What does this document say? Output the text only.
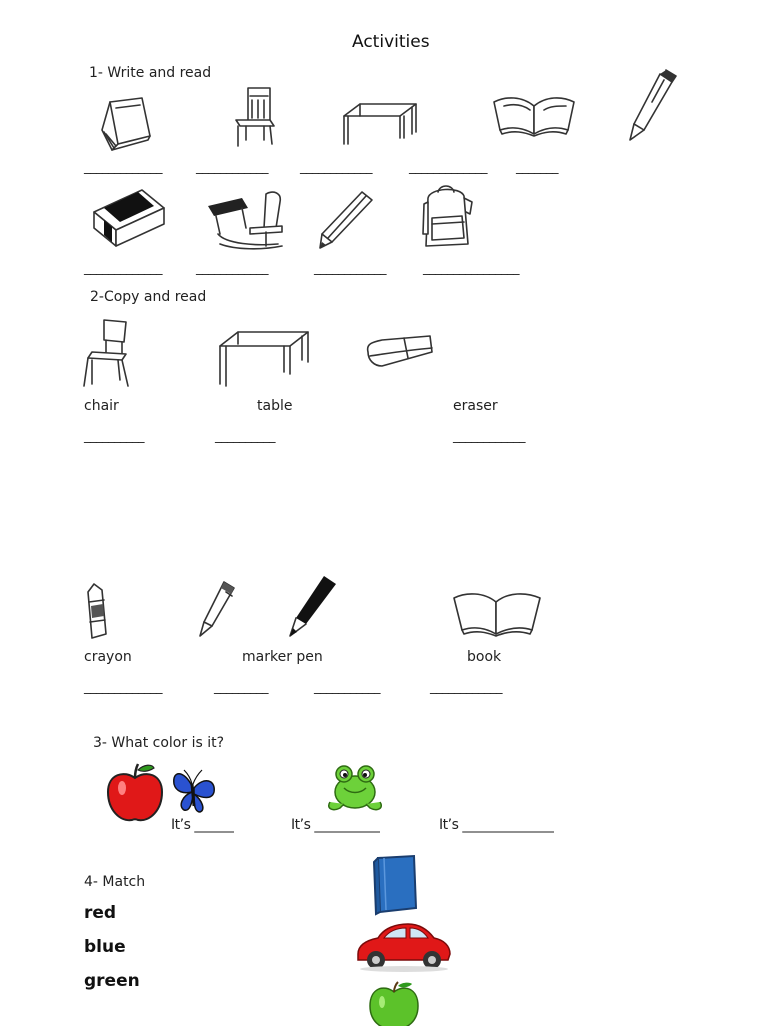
Activities
1- Write and read
_____________	____________ ____________	_____________ _______
_____________	____________	____________	________________
2-Copy and read
chair	table	eraser
__________	__________	____________
crayon	marker pen	book
_____________	_________	___________	____________
3- What color is it?
It’s ______	It’s __________	It’s ______________
4- Match
red
blue
green
